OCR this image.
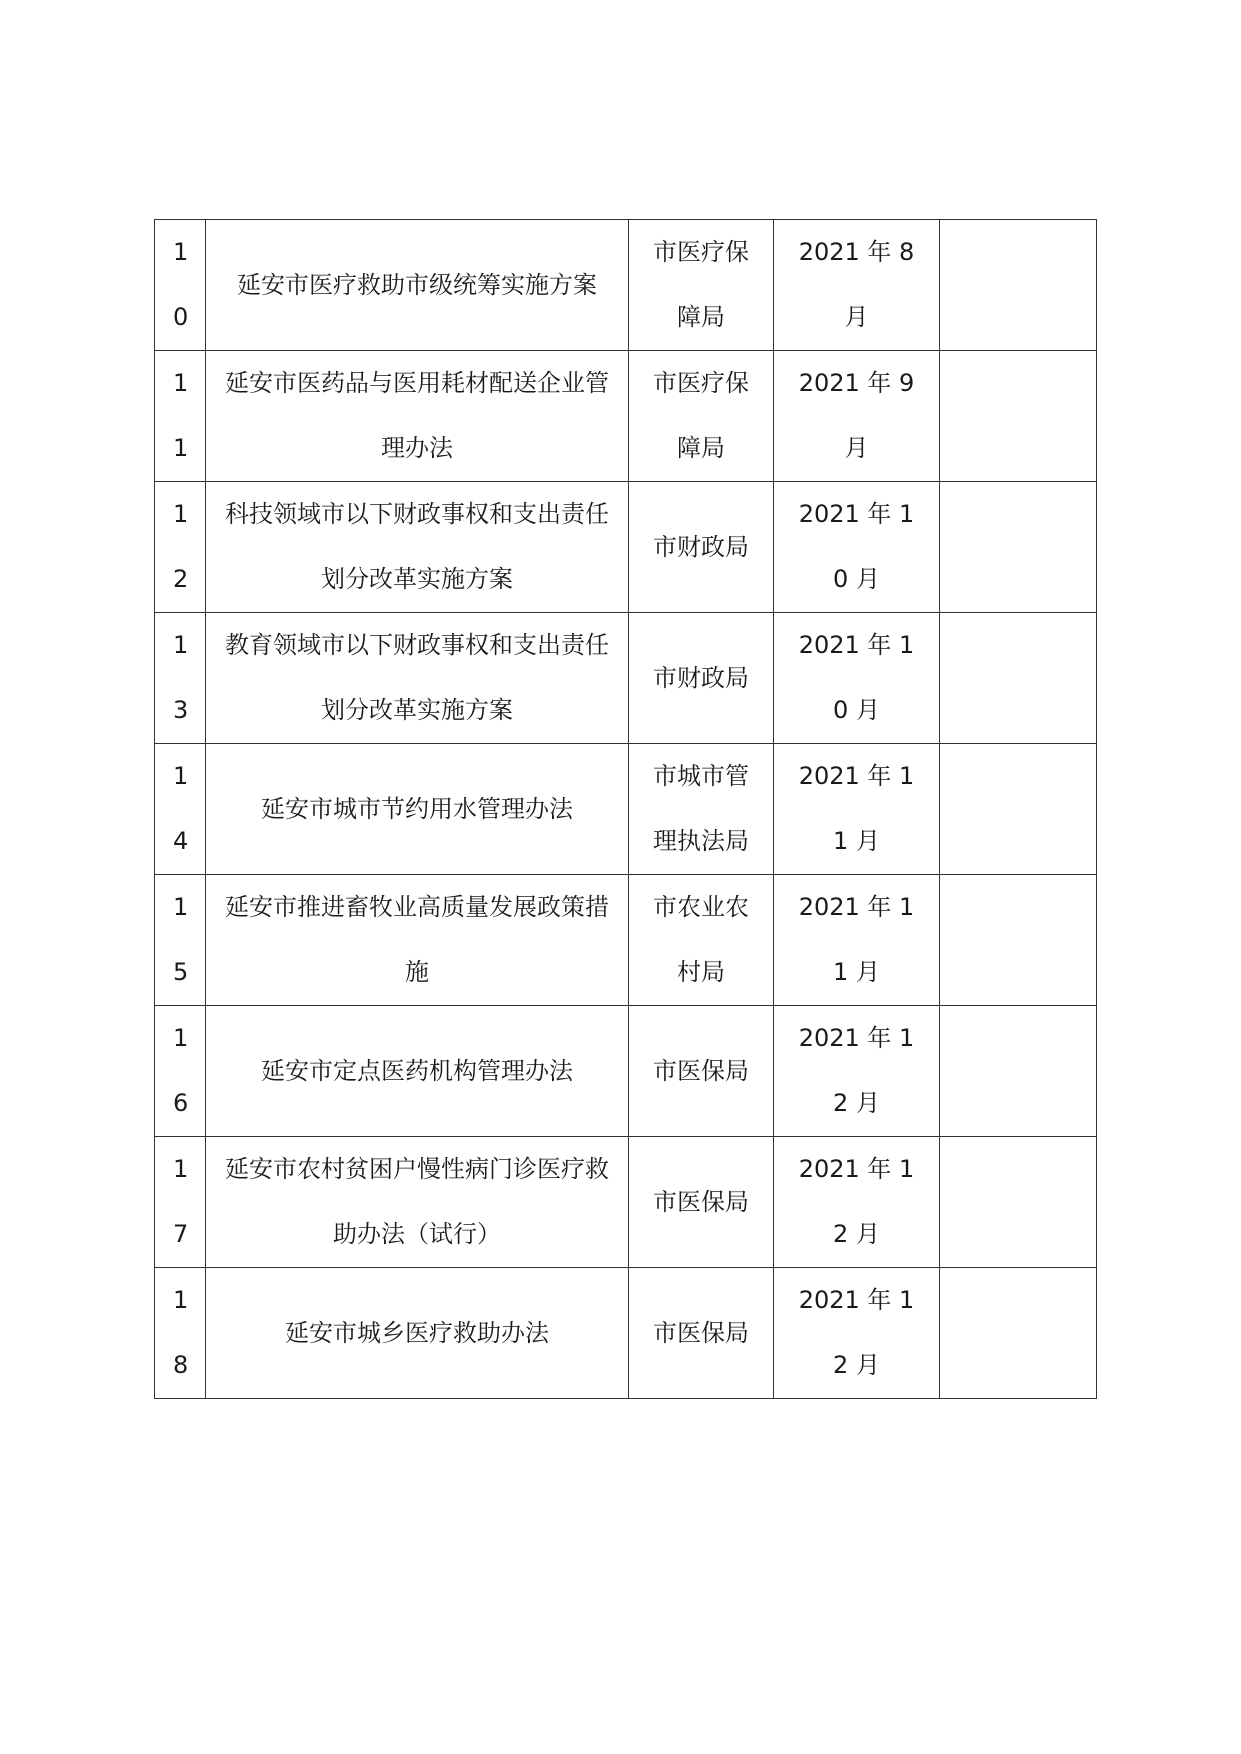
10	延安市医疗救助市级统筹实施方案	市医疗保障局	2021 年 8 月	

11	延安市医药品与医用耗材配送企业管理办法	市医疗保障局	2021 年 9 月	

12	科技领域市以下财政事权和支出责任划分改革实施方案	市财政局	2021 年 10 月	

13	教育领域市以下财政事权和支出责任划分改革实施方案	市财政局	2021 年 10 月	

14	延安市城市节约用水管理办法	市城市管理执法局	2021 年 11 月	

15	延安市推进畜牧业高质量发展政策措施	市农业农村局	2021 年 11 月	

16	延安市定点医药机构管理办法	市医保局	2021 年 12 月	

17	延安市农村贫困户慢性病门诊医疗救助办法（试行）	市医保局	2021 年 12 月	

18	延安市城乡医疗救助办法	市医保局	2021 年 12 月	
